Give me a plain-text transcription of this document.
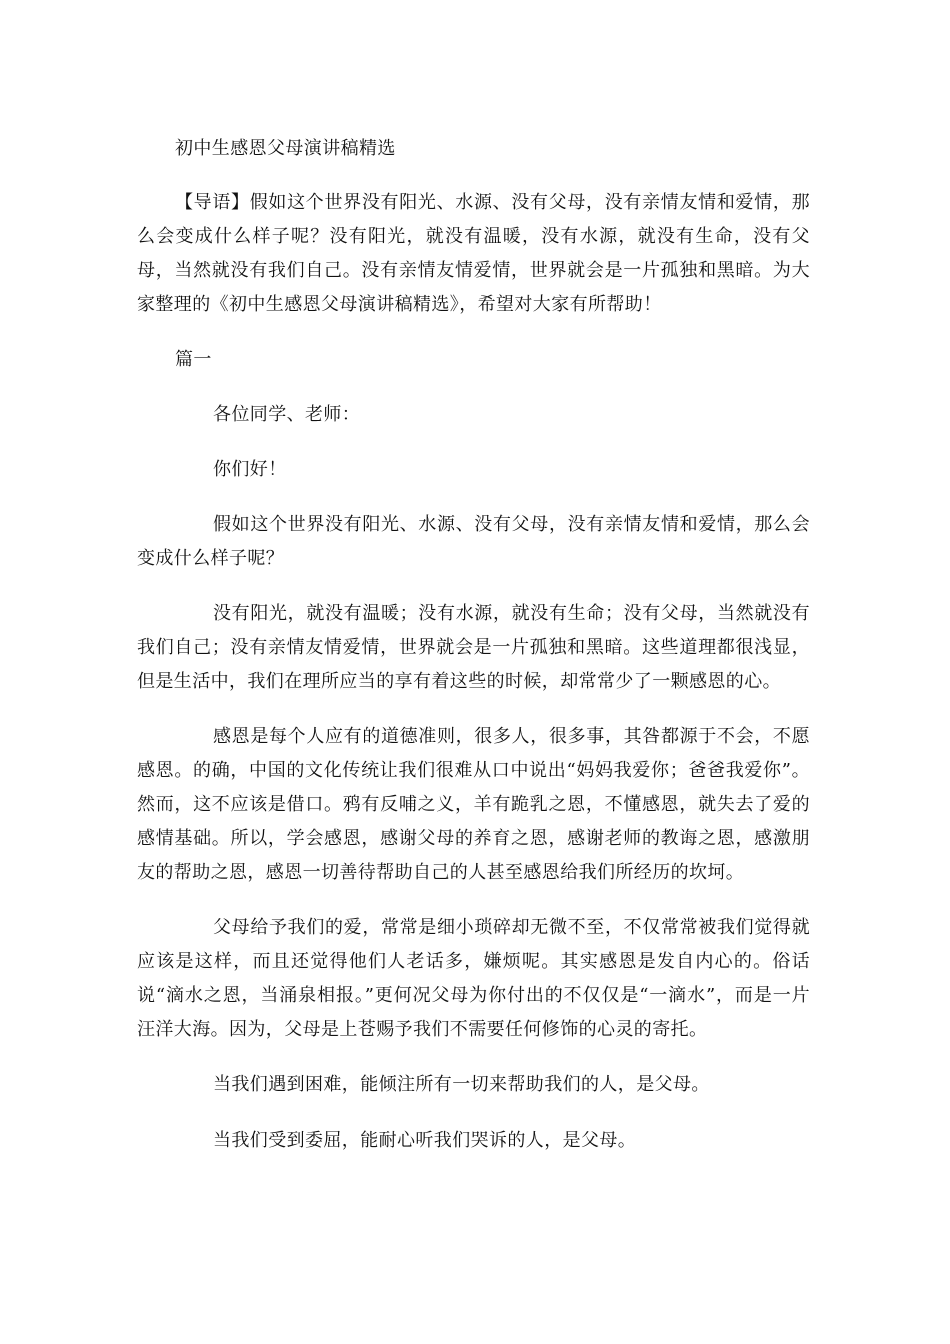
初中生感恩父母演讲稿精选

【导语】假如这个世界没有阳光、水源、没有父母，没有亲情友情和爱情，那么会变成什么样子呢？没有阳光，就没有温暖，没有水源，就没有生命，没有父母，当然就没有我们自己。没有亲情友情爱情，世界就会是一片孤独和黑暗。为大家整理的《初中生感恩父母演讲稿精选》，希望对大家有所帮助！

篇一

各位同学、老师：

你们好！

假如这个世界没有阳光、水源、没有父母，没有亲情友情和爱情，那么会变成什么样子呢？

没有阳光，就没有温暖；没有水源，就没有生命；没有父母，当然就没有我们自己；没有亲情友情爱情，世界就会是一片孤独和黑暗。这些道理都很浅显，但是生活中，我们在理所应当的享有着这些的时候，却常常少了一颗感恩的心。

感恩是每个人应有的道德准则，很多人，很多事，其咎都源于不会，不愿感恩。的确，中国的文化传统让我们很难从口中说出“妈妈我爱你；爸爸我爱你”。然而，这不应该是借口。鸦有反哺之义，羊有跪乳之恩，不懂感恩，就失去了爱的感情基础。所以，学会感恩，感谢父母的养育之恩，感谢老师的教诲之恩，感激朋友的帮助之恩，感恩一切善待帮助自己的人甚至感恩给我们所经历的坎坷。

父母给予我们的爱，常常是细小琐碎却无微不至，不仅常常被我们觉得就应该是这样，而且还觉得他们人老话多，嫌烦呢。其实感恩是发自内心的。俗话说“滴水之恩，当涌泉相报。”更何况父母为你付出的不仅仅是“一滴水”，而是一片汪洋大海。因为，父母是上苍赐予我们不需要任何修饰的心灵的寄托。

当我们遇到困难，能倾注所有一切来帮助我们的人，是父母。

当我们受到委屈，能耐心听我们哭诉的人，是父母。
